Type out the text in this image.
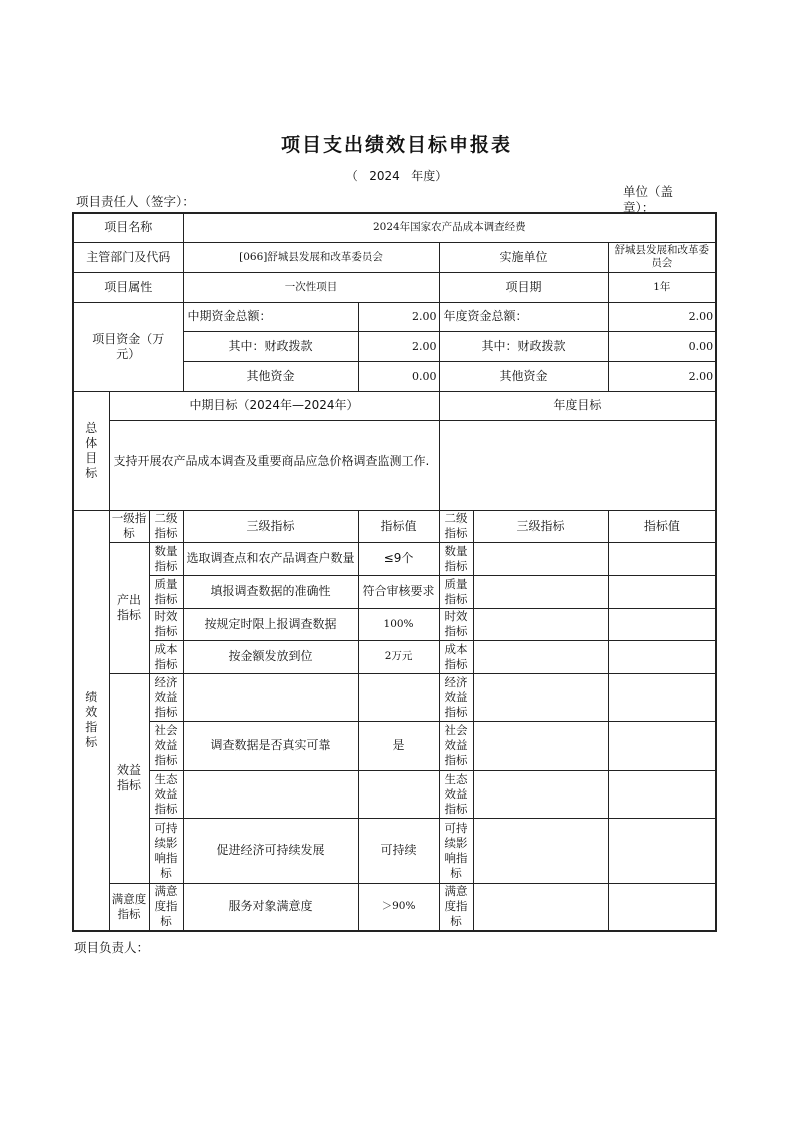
项目支出绩效目标申报表
（   2024   年度）
项目责任人（签字）：
单位（盖章）：
项目名称			2024年国家农产品成本调查经费				
主管部门及代码			[066]舒城县发展和改革委员会		实施单位		舒城县发展和改革委员会
项目属性			一次性项目		项目期		1年
项目资金（万元）			中期资金总额：	2.00	年度资金总额：		2.00
			其中：财政拨款	2.00	其中：财政拨款		0.00
			其他资金	0.00	其他资金		2.00
总体目标	中期目标（2024年—2024年）				年度目标		
	支持开展农产品成本调查及重要商品应急价格调查监测工作.						
绩效指标	一级指标	二级指标	三级指标	指标值	二级指标	三级指标	指标值
	产出指标	数量指标	选取调查点和农产品调查户数量	≤9个	数量指标		
		质量指标	填报调查数据的准确性	符合审核要求	质量指标		
		时效指标	按规定时限上报调查数据	100%	时效指标		
		成本指标	按金额发放到位	2万元	成本指标		
	效益指标	经济效益指标			经济效益指标		
		社会效益指标	调查数据是否真实可靠	是	社会效益指标		
		生态效益指标			生态效益指标		
		可持续影响指标	促进经济可持续发展	可持续	可持续影响指标		
	满意度指标	满意度指标	服务对象满意度	＞90%	满意度指标		
项目负责人：
